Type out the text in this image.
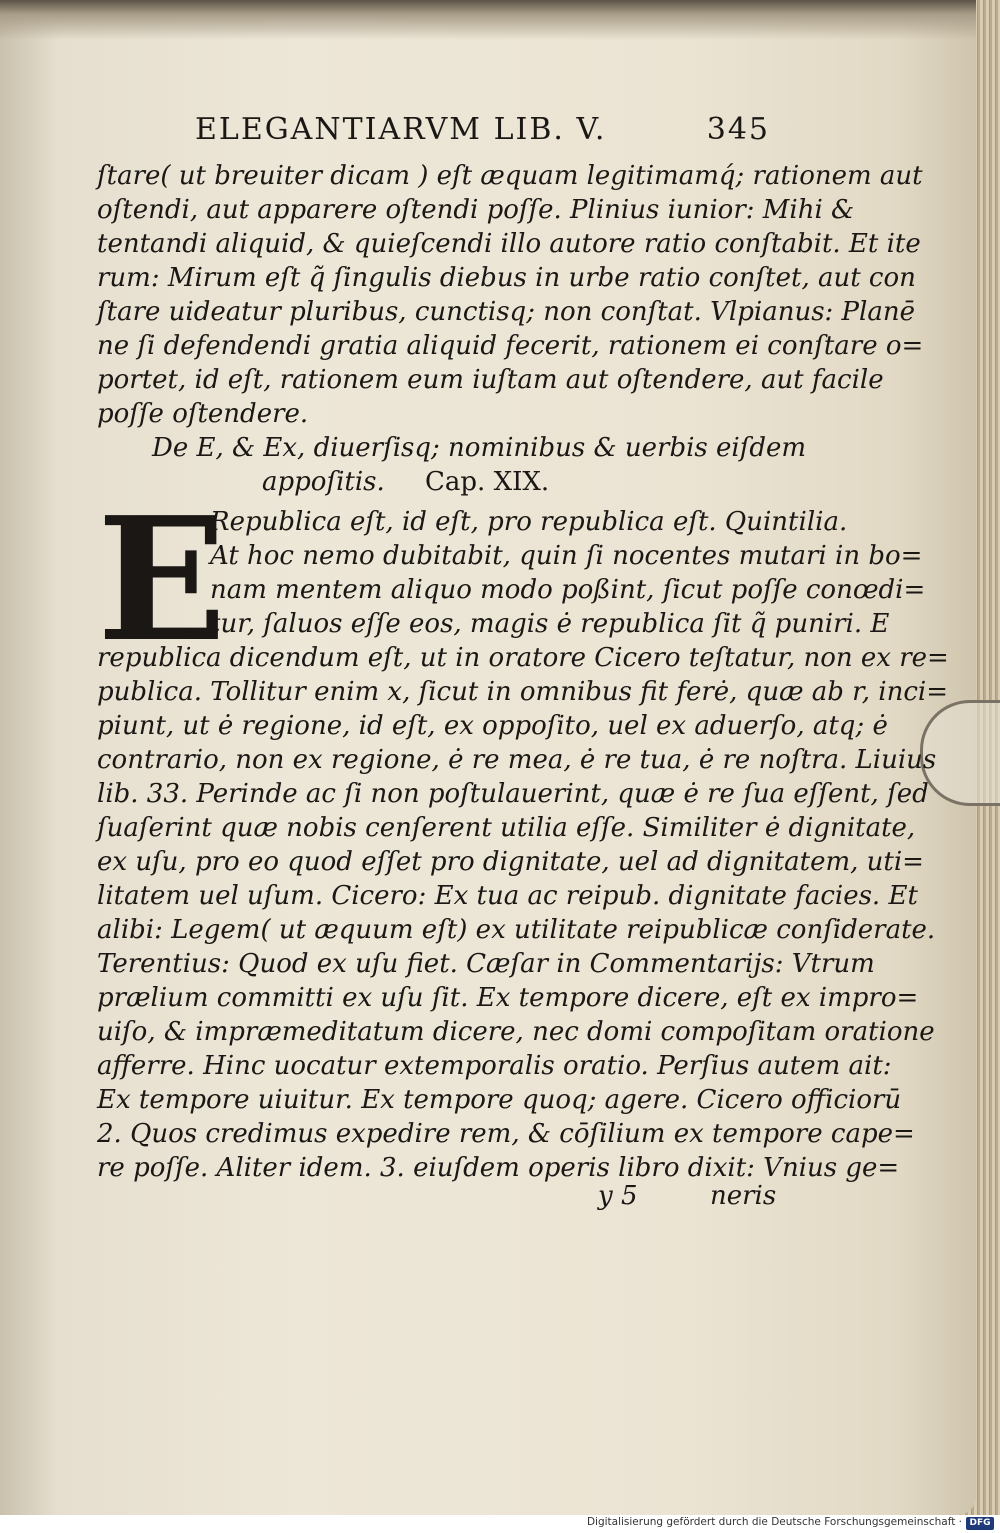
ELEGANTIARVM LIB. V.	345
ſtare( ut breuiter dicam ) eſt æquam legitimamq́; rationem aut
oſtendi, aut apparere oſtendi poſſe. Plinius iunior: Mihi &
tentandi aliquid, & quieſcendi illo autore ratio conſtabit. Et ite
rum: Mirum eſt q̃ ſingulis diebus in urbe ratio conſtet, aut con
ſtare uideatur pluribus, cunctisq; non conſtat. Vlpianus: Planē
ne ſi defendendi gratia aliquid fecerit, rationem ei conſtare o=
portet, id eſt, rationem eum iuſtam aut oſtendere, aut facile
poſſe oſtendere.
De E, & Ex, diuerſisq; nominibus & uerbis eiſdem
appoſitis. Cap. XIX.
E
Republica eſt, id eſt, pro republica eſt. Quintilia.
At hoc nemo dubitabit, quin ſi nocentes mutari in bo=
nam mentem aliquo modo poßint, ſicut poſſe conœdi=
tur, ſaluos eſſe eos, magis ė republica ſit q̃ puniri. E
republica dicendum eſt, ut in oratore Cicero teſtatur, non ex re=
publica. Tollitur enim x, ſicut in omnibus fit ferė, quæ ab r, inci=
piunt, ut ė regione, id eſt, ex oppoſito, uel ex aduerſo, atq; ė
contrario, non ex regione, ė re mea, ė re tua, ė re noſtra. Liuius
lib. 33. Perinde ac ſi non poſtulauerint, quæ ė re ſua eſſent, ſed
ſuaſerint quæ nobis cenſerent utilia eſſe. Similiter ė dignitate,
ex uſu, pro eo quod eſſet pro dignitate, uel ad dignitatem, uti=
litatem uel uſum. Cicero: Ex tua ac reipub. dignitate facies. Et
alibi: Legem( ut æquum eſt) ex utilitate reipublicæ conſiderate.
Terentius: Quod ex uſu fiet. Cæſar in Commentarijs: Vtrum
prælium committi ex uſu ſit. Ex tempore dicere, eſt ex impro=
uiſo, & impræmeditatum dicere, nec domi compoſitam oratione
afferre. Hinc uocatur extemporalis oratio. Perſius autem ait:
Ex tempore uiuitur. Ex tempore quoq; agere. Cicero officiorū
2. Quos credimus expedire rem, & cōſilium ex tempore cape=
re poſſe. Aliter idem. 3. eiuſdem operis libro dixit: Vnius ge=
y 5	neris
Digitalisierung gefördert durch die Deutsche Forschungsgemeinschaft · DFG
